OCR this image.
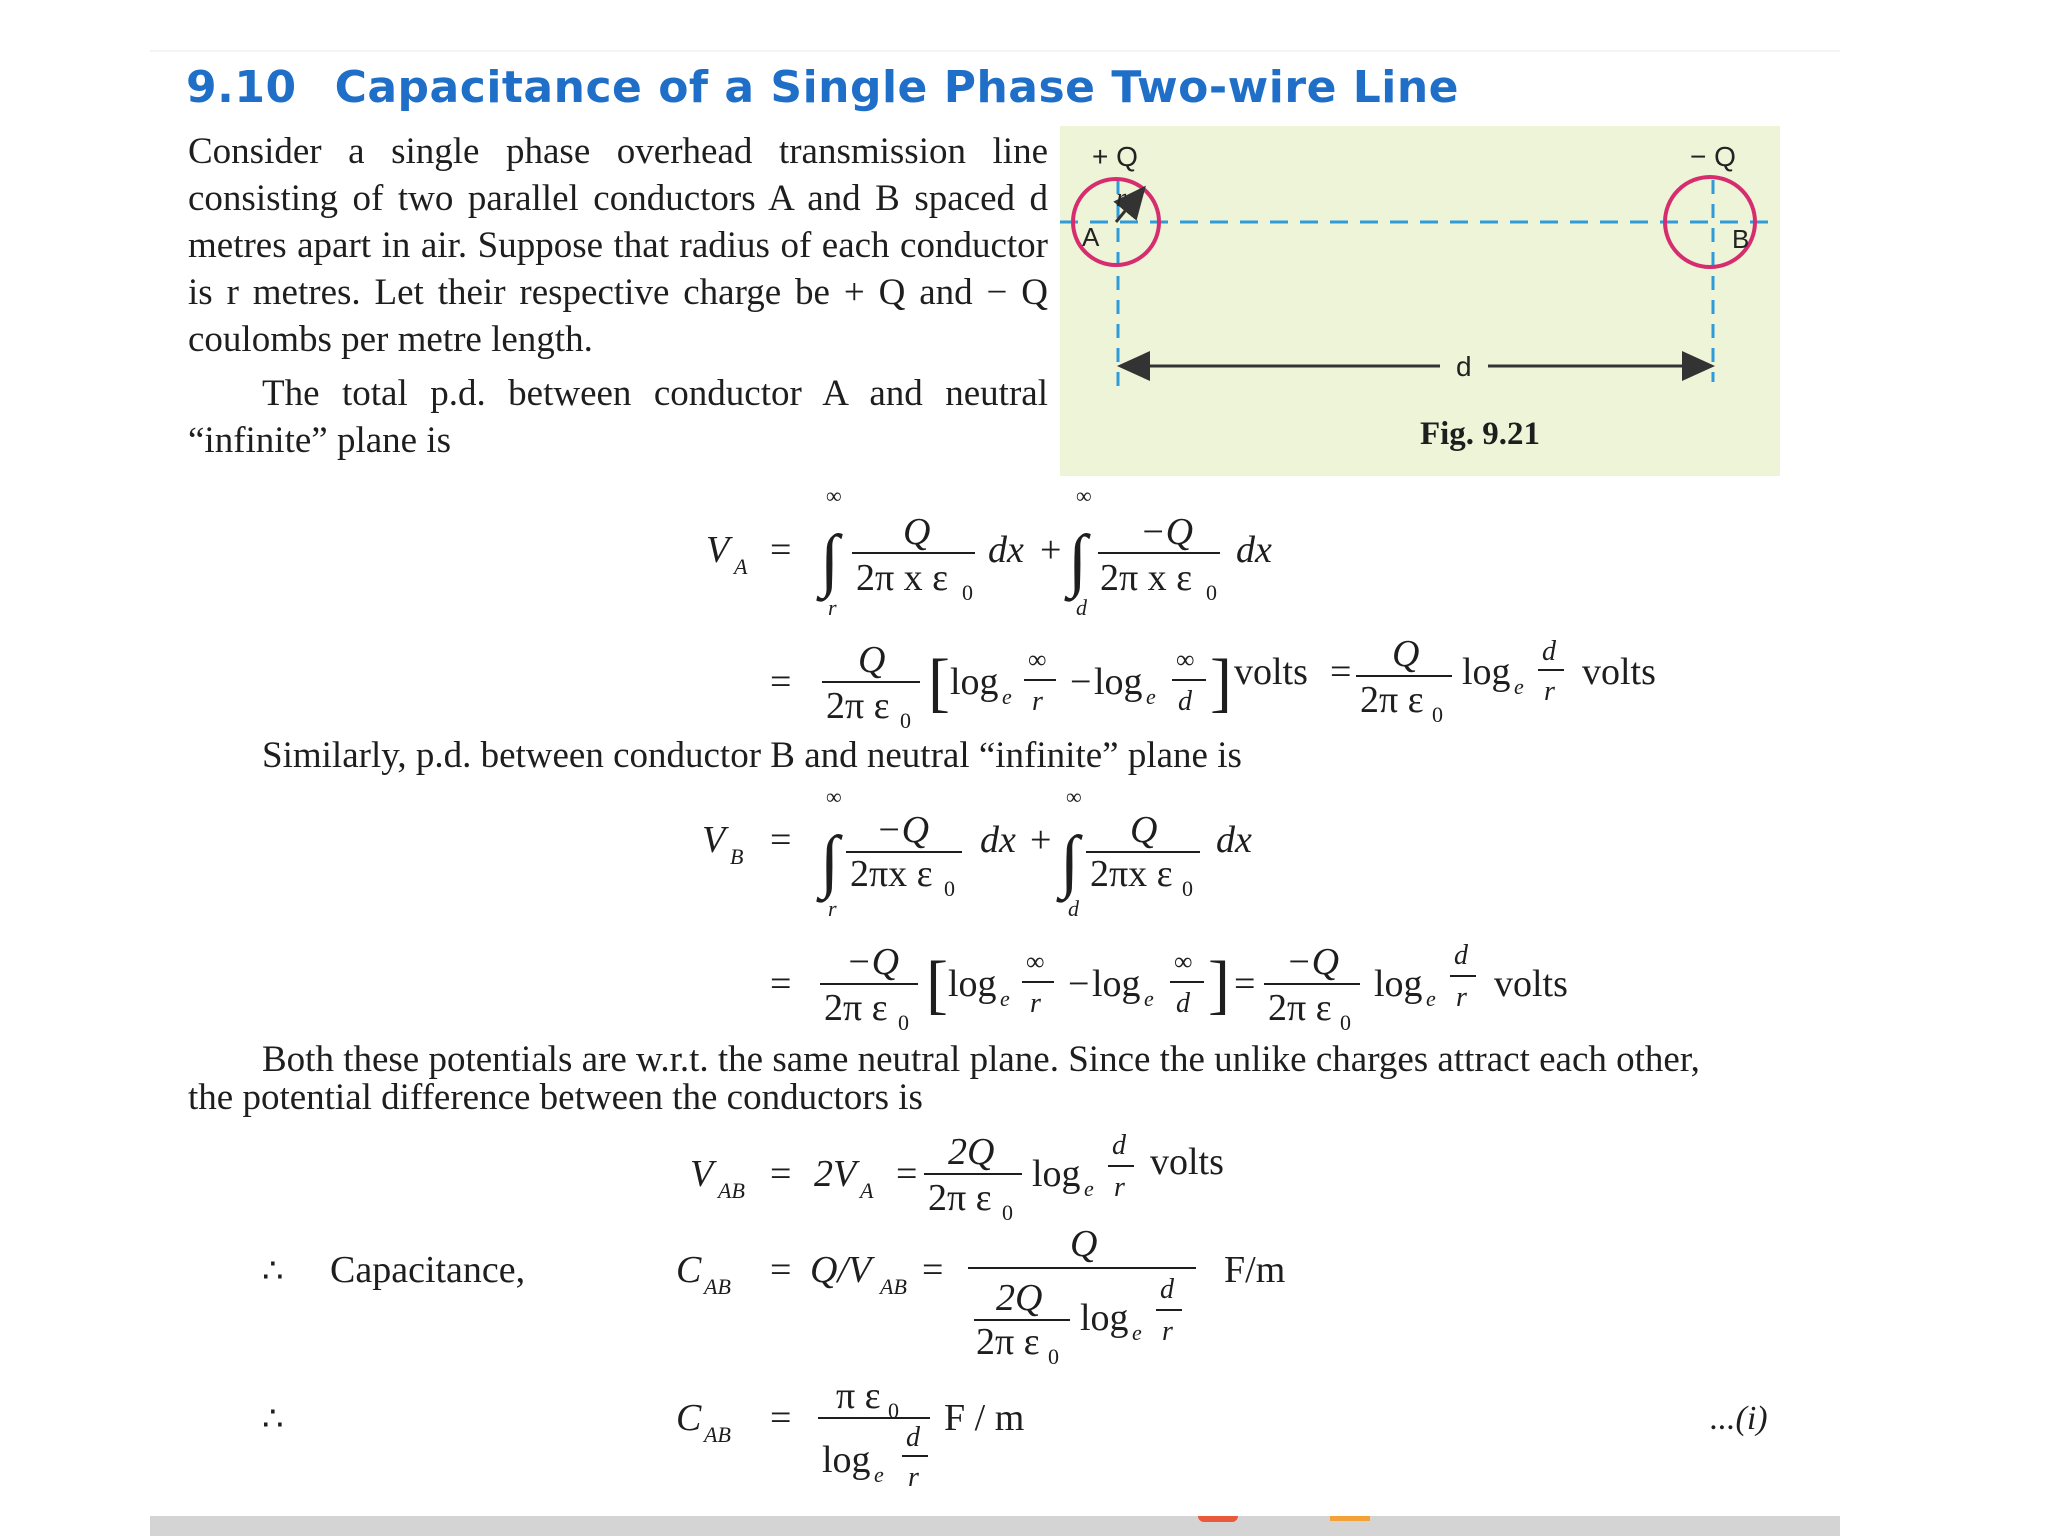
9.10 Capacitance of a Single Phase Two-wire Line

Consider a single phase overhead transmission line consisting of two parallel conductors A and B spaced d metres apart in air. Suppose that radius of each conductor is r metres. Let their respective charge be + Q and − Q coulombs per metre length.

The total p.d. between conductor A and neutral “infinite” plane is

+ Q	− Q
A	B
r
d
Fig. 9.21
V A =
∞
∫
r
Q
2π x ε 0
dx +
∞
∫
d
−Q
2π x ε 0
dx
=
Q
2π ε 0
[ log e
∞
r − log e
∞
d ] volts = Q
2π ε 0
log e
d
r volts
V B =
∞
∫
r
−Q
2πx ε 0
dx +
∞
∫
d
Q
2πx ε 0
dx
=
−Q
2π ε 0
[ log e
∞
r − log e
∞
d ] =
−Q
2π ε 0
log e
d
r volts
V AB = 2V A =
2Q
2π ε 0
log e
d
r
volts
∴ Capacitance,	C AB = Q/V AB =
Q
2Q
2π ε 0
log e
d
r
F/m
∴	C AB =
π ε 0
log e
d
r
F / m
Similarly, p.d. between conductor B and neutral “infinite” plane is
Both these potentials are w.r.t. the same neutral plane. Since the unlike charges attract each other,
the potential difference between the conductors is
...(i)
